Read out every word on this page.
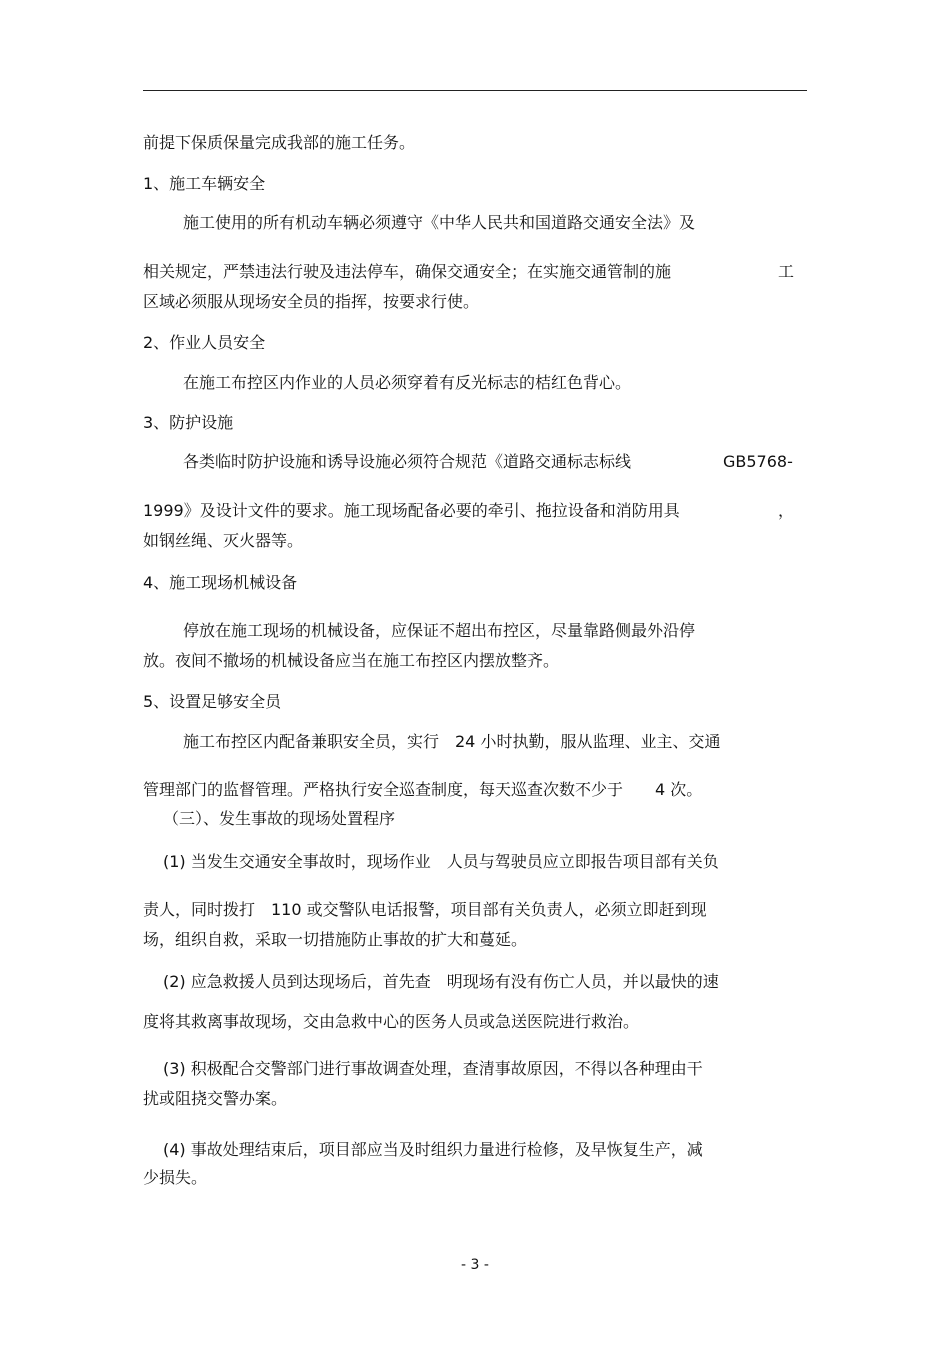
前提下保质保量完成我部的施工任务。
1、施工车辆安全
施工使用的所有机动车辆必须遵守《中华人民共和国道路交通安全法》及
相关规定，严禁违法行驶及违法停车，确保交通安全；在实施交通管制的施	工
区域必须服从现场安全员的指挥，按要求行使。
2、作业人员安全
在施工布控区内作业的人员必须穿着有反光标志的桔红色背心。
3、防护设施
各类临时防护设施和诱导设施必须符合规范《道路交通标志标线	GB5768-
1999》及设计文件的要求。施工现场配备必要的牵引、拖拉设备和消防用具	，
如钢丝绳、灭火器等。
4、施工现场机械设备
停放在施工现场的机械设备，应保证不超出布控区，尽量靠路侧最外沿停
放。夜间不撤场的机械设备应当在施工布控区内摆放整齐。
5、设置足够安全员
施工布控区内配备兼职安全员，实行　24 小时执勤，服从监理、业主、交通
管理部门的监督管理。严格执行安全巡查制度，每天巡查次数不少于　　4 次。
（三）、发生事故的现场处置程序
(1) 当发生交通安全事故时，现场作业　人员与驾驶员应立即报告项目部有关负
责人，同时拨打　110 或交警队电话报警，项目部有关负责人，必须立即赶到现
场，组织自救，采取一切措施防止事故的扩大和蔓延。
(2) 应急救援人员到达现场后，首先查　明现场有没有伤亡人员，并以最快的速
度将其救离事故现场，交由急救中心的医务人员或急送医院进行救治。
(3) 积极配合交警部门进行事故调查处理，查清事故原因，不得以各种理由干
扰或阻挠交警办案。
(4) 事故处理结束后，项目部应当及时组织力量进行检修，及早恢复生产，减
少损失。
- 3 -
